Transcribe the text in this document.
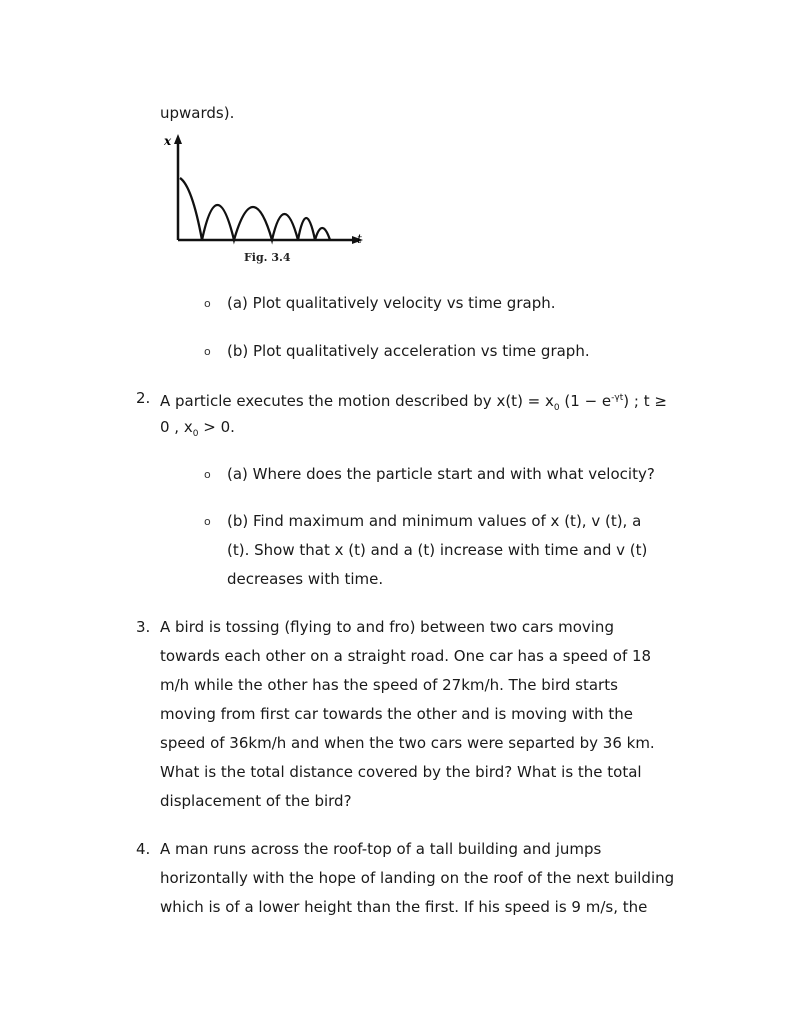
upwards).
x
t
Fig. 3.4
o (a) Plot qualitatively velocity vs time graph.
o (b) Plot qualitatively acceleration vs time graph.
2. A particle executes the motion described by $x(t) = x_0$ $(1 - e^{-\gamma t})$ ; t ≥
0 , $x_0 > 0$.
o (a) Where does the particle start and with what velocity?
o (b) Find maximum and minimum values of x (t), v (t), a
(t). Show that x (t) and a (t) increase with time and v (t)
decreases with time.
3. A bird is tossing (flying to and fro) between two cars moving
towards each other on a straight road. One car has a speed of 18
m/h while the other has the speed of 27km/h. The bird starts
moving from first car towards the other and is moving with the
speed of 36km/h and when the two cars were separted by 36 km.
What is the total distance covered by the bird? What is the total
displacement of the bird?
4. A man runs across the roof-top of a tall building and jumps
horizontally with the hope of landing on the roof of the next building
which is of a lower height than the first. If his speed is 9 m/s, the
